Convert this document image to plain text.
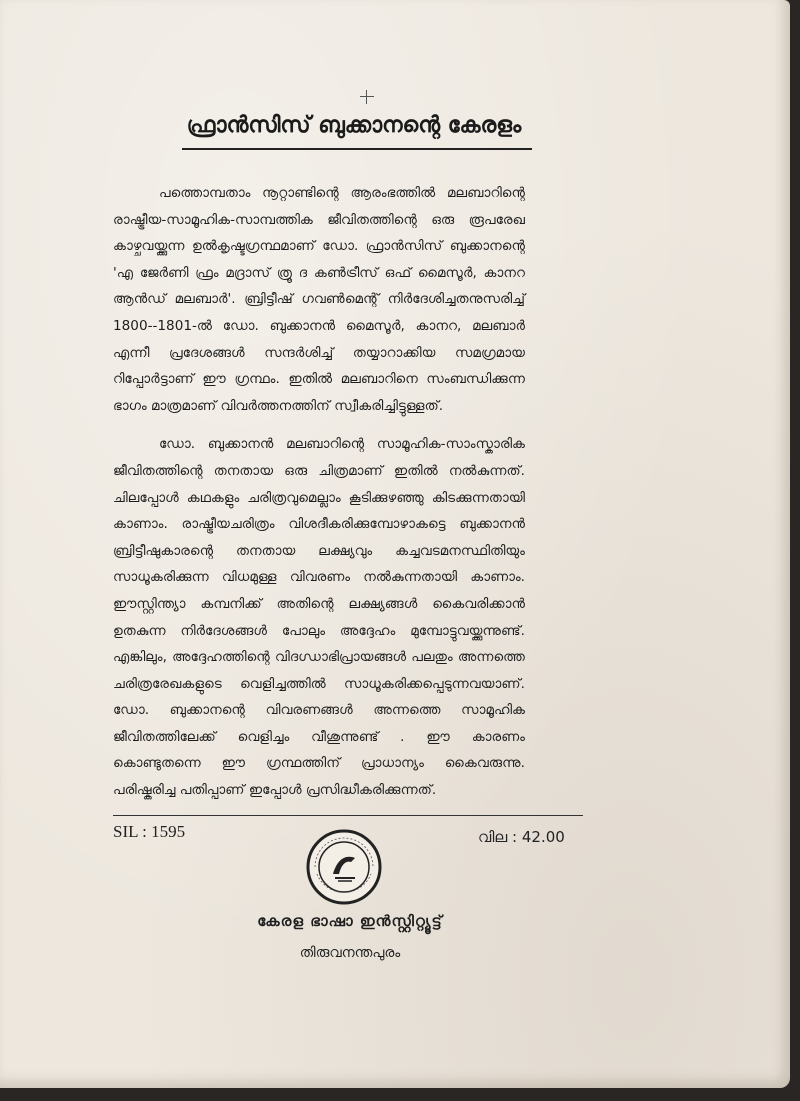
ഫ്രാൻസിസ് ബുക്കാനന്റെ കേരളം

പത്തൊമ്പതാം നൂറ്റാണ്ടിന്റെ ആരംഭത്തിൽ മലബാറിന്റെ രാഷ്ട്രീയ-സാമൂഹിക-സാമ്പത്തിക ജീവിതത്തിന്റെ ഒരു രൂപരേഖ കാഴ്ചവയ്ക്കുന്ന ഉൽകൃഷ്ടഗ്രന്ഥമാണ് ഡോ. ഫ്രാൻസിസ് ബുക്കാനന്റെ 'എ ജേർണി ഫ്രം മദ്രാസ് ത്രൂ ദ കൺട്രീസ് ഒഫ് മൈസൂർ, കാനറ ആൻഡ് മലബാർ'. ബ്രിട്ടീഷ് ഗവൺമെന്റ് നിർദേശിച്ചതനുസരിച്ച് 1800--1801-ൽ ഡോ. ബുക്കാനൻ മൈസൂർ, കാനറ, മലബാർ എന്നീ പ്രദേശങ്ങൾ സന്ദർശിച്ച് തയ്യാറാക്കിയ സമഗ്രമായ റിപ്പോർട്ടാണ് ഈ ഗ്രന്ഥം. ഇതിൽ മലബാറിനെ സംബന്ധിക്കുന്ന ഭാഗം മാത്രമാണ് വിവർത്തനത്തിന് സ്വീകരിച്ചിട്ടുള്ളത്.

ഡോ. ബുക്കാനൻ മലബാറിന്റെ സാമൂഹിക-സാംസ്കാരിക ജീവിതത്തിന്റെ തനതായ ഒരു ചിത്രമാണ് ഇതിൽ നൽകുന്നത്. ചിലപ്പോൾ കഥകളും ചരിത്രവുമെല്ലാം കൂടിക്കുഴഞ്ഞു കിടക്കുന്നതായി കാണാം. രാഷ്ട്രീയചരിത്രം വിശദീകരിക്കുമ്പോഴാകട്ടെ ബുക്കാനൻ ബ്രിട്ടീഷുകാരന്റെ തനതായ ലക്ഷ്യവും കച്ചവടമനസ്ഥിതിയും സാധൂകരിക്കുന്ന വിധമുള്ള വിവരണം നൽകുന്നതായി കാണാം. ഈസ്റ്റിന്ത്യാ കമ്പനിക്ക് അതിന്റെ ലക്ഷ്യങ്ങൾ കൈവരിക്കാൻ ഉതകുന്ന നിർദേശങ്ങൾ പോലും അദ്ദേഹം മുമ്പോട്ടുവയ്ക്കുന്നുണ്ട്. എങ്കിലും, അദ്ദേഹത്തിന്റെ വിദഗ്ധാഭിപ്രായങ്ങൾ പലതും അന്നത്തെ ചരിത്രരേഖകളുടെ വെളിച്ചത്തിൽ സാധൂകരിക്കപ്പെടുന്നവയാണ്. ഡോ. ബുക്കാനന്റെ വിവരണങ്ങൾ അന്നത്തെ സാമൂഹിക ജീവിതത്തിലേക്ക് വെളിച്ചം വീശുന്നുണ്ട് . ഈ കാരണം കൊണ്ടുതന്നെ ഈ ഗ്രന്ഥത്തിന് പ്രാധാന്യം കൈവരുന്നു. പരിഷ്കരിച്ച പതിപ്പാണ് ഇപ്പോൾ പ്രസിദ്ധീകരിക്കുന്നത്.

SIL : 1595	വില : 42.00
കേരള ഭാഷാ ഇൻസ്റ്റിറ്റ്യൂട്ട്
തിരുവനന്തപുരം
